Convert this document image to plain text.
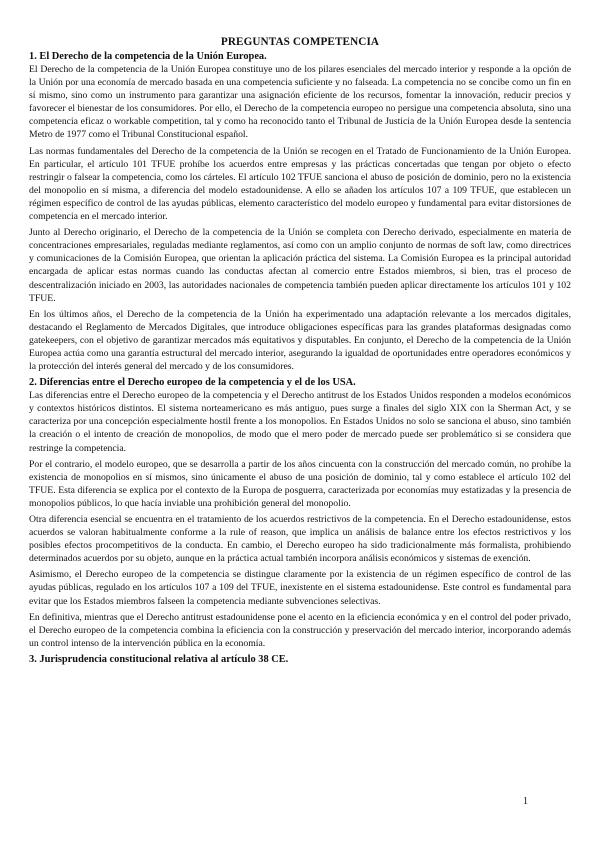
PREGUNTAS COMPETENCIA
1. El Derecho de la competencia de la Unión Europea.

El Derecho de la competencia de la Unión Europea constituye uno de los pilares esenciales del mercado interior y responde a la opción de la Unión por una economía de mercado basada en una competencia suficiente y no falseada. La competencia no se concibe como un fin en sí mismo, sino como un instrumento para garantizar una asignación eficiente de los recursos, fomentar la innovación, reducir precios y favorecer el bienestar de los consumidores. Por ello, el Derecho de la competencia europeo no persigue una competencia absoluta, sino una competencia eficaz o workable competition, tal y como ha reconocido tanto el Tribunal de Justicia de la Unión Europea desde la sentencia Metro de 1977 como el Tribunal Constitucional español.

Las normas fundamentales del Derecho de la competencia de la Unión se recogen en el Tratado de Funcionamiento de la Unión Europea. En particular, el artículo 101 TFUE prohíbe los acuerdos entre empresas y las prácticas concertadas que tengan por objeto o efecto restringir o falsear la competencia, como los cárteles. El artículo 102 TFUE sanciona el abuso de posición de dominio, pero no la existencia del monopolio en sí misma, a diferencia del modelo estadounidense. A ello se añaden los artículos 107 a 109 TFUE, que establecen un régimen específico de control de las ayudas públicas, elemento característico del modelo europeo y fundamental para evitar distorsiones de competencia en el mercado interior.

Junto al Derecho originario, el Derecho de la competencia de la Unión se completa con Derecho derivado, especialmente en materia de concentraciones empresariales, reguladas mediante reglamentos, así como con un amplio conjunto de normas de soft law, como directrices y comunicaciones de la Comisión Europea, que orientan la aplicación práctica del sistema. La Comisión Europea es la principal autoridad encargada de aplicar estas normas cuando las conductas afectan al comercio entre Estados miembros, si bien, tras el proceso de descentralización iniciado en 2003, las autoridades nacionales de competencia también pueden aplicar directamente los artículos 101 y 102 TFUE.

En los últimos años, el Derecho de la competencia de la Unión ha experimentado una adaptación relevante a los mercados digitales, destacando el Reglamento de Mercados Digitales, que introduce obligaciones específicas para las grandes plataformas designadas como gatekeepers, con el objetivo de garantizar mercados más equitativos y disputables. En conjunto, el Derecho de la competencia de la Unión Europea actúa como una garantía estructural del mercado interior, asegurando la igualdad de oportunidades entre operadores económicos y la protección del interés general del mercado y de los consumidores.

2. Diferencias entre el Derecho europeo de la competencia y el de los USA.

Las diferencias entre el Derecho europeo de la competencia y el Derecho antitrust de los Estados Unidos responden a modelos económicos y contextos históricos distintos. El sistema norteamericano es más antiguo, pues surge a finales del siglo XIX con la Sherman Act, y se caracteriza por una concepción especialmente hostil frente a los monopolios. En Estados Unidos no solo se sanciona el abuso, sino también la creación o el intento de creación de monopolios, de modo que el mero poder de mercado puede ser problemático si se considera que restringe la competencia.

Por el contrario, el modelo europeo, que se desarrolla a partir de los años cincuenta con la construcción del mercado común, no prohíbe la existencia de monopolios en sí mismos, sino únicamente el abuso de una posición de dominio, tal y como establece el artículo 102 del TFUE. Esta diferencia se explica por el contexto de la Europa de posguerra, caracterizada por economías muy estatizadas y la presencia de monopolios públicos, lo que hacía inviable una prohibición general del monopolio.

Otra diferencia esencial se encuentra en el tratamiento de los acuerdos restrictivos de la competencia. En el Derecho estadounidense, estos acuerdos se valoran habitualmente conforme a la rule of reason, que implica un análisis de balance entre los efectos restrictivos y los posibles efectos procompetitivos de la conducta. En cambio, el Derecho europeo ha sido tradicionalmente más formalista, prohibiendo determinados acuerdos por su objeto, aunque en la práctica actual también incorpora análisis económicos y sistemas de exención.

Asimismo, el Derecho europeo de la competencia se distingue claramente por la existencia de un régimen específico de control de las ayudas públicas, regulado en los artículos 107 a 109 del TFUE, inexistente en el sistema estadounidense. Este control es fundamental para evitar que los Estados miembros falseen la competencia mediante subvenciones selectivas.

En definitiva, mientras que el Derecho antitrust estadounidense pone el acento en la eficiencia económica y en el control del poder privado, el Derecho europeo de la competencia combina la eficiencia con la construcción y preservación del mercado interior, incorporando además un control intenso de la intervención pública en la economía.

3. Jurisprudencia constitucional relativa al artículo 38 CE.
1
